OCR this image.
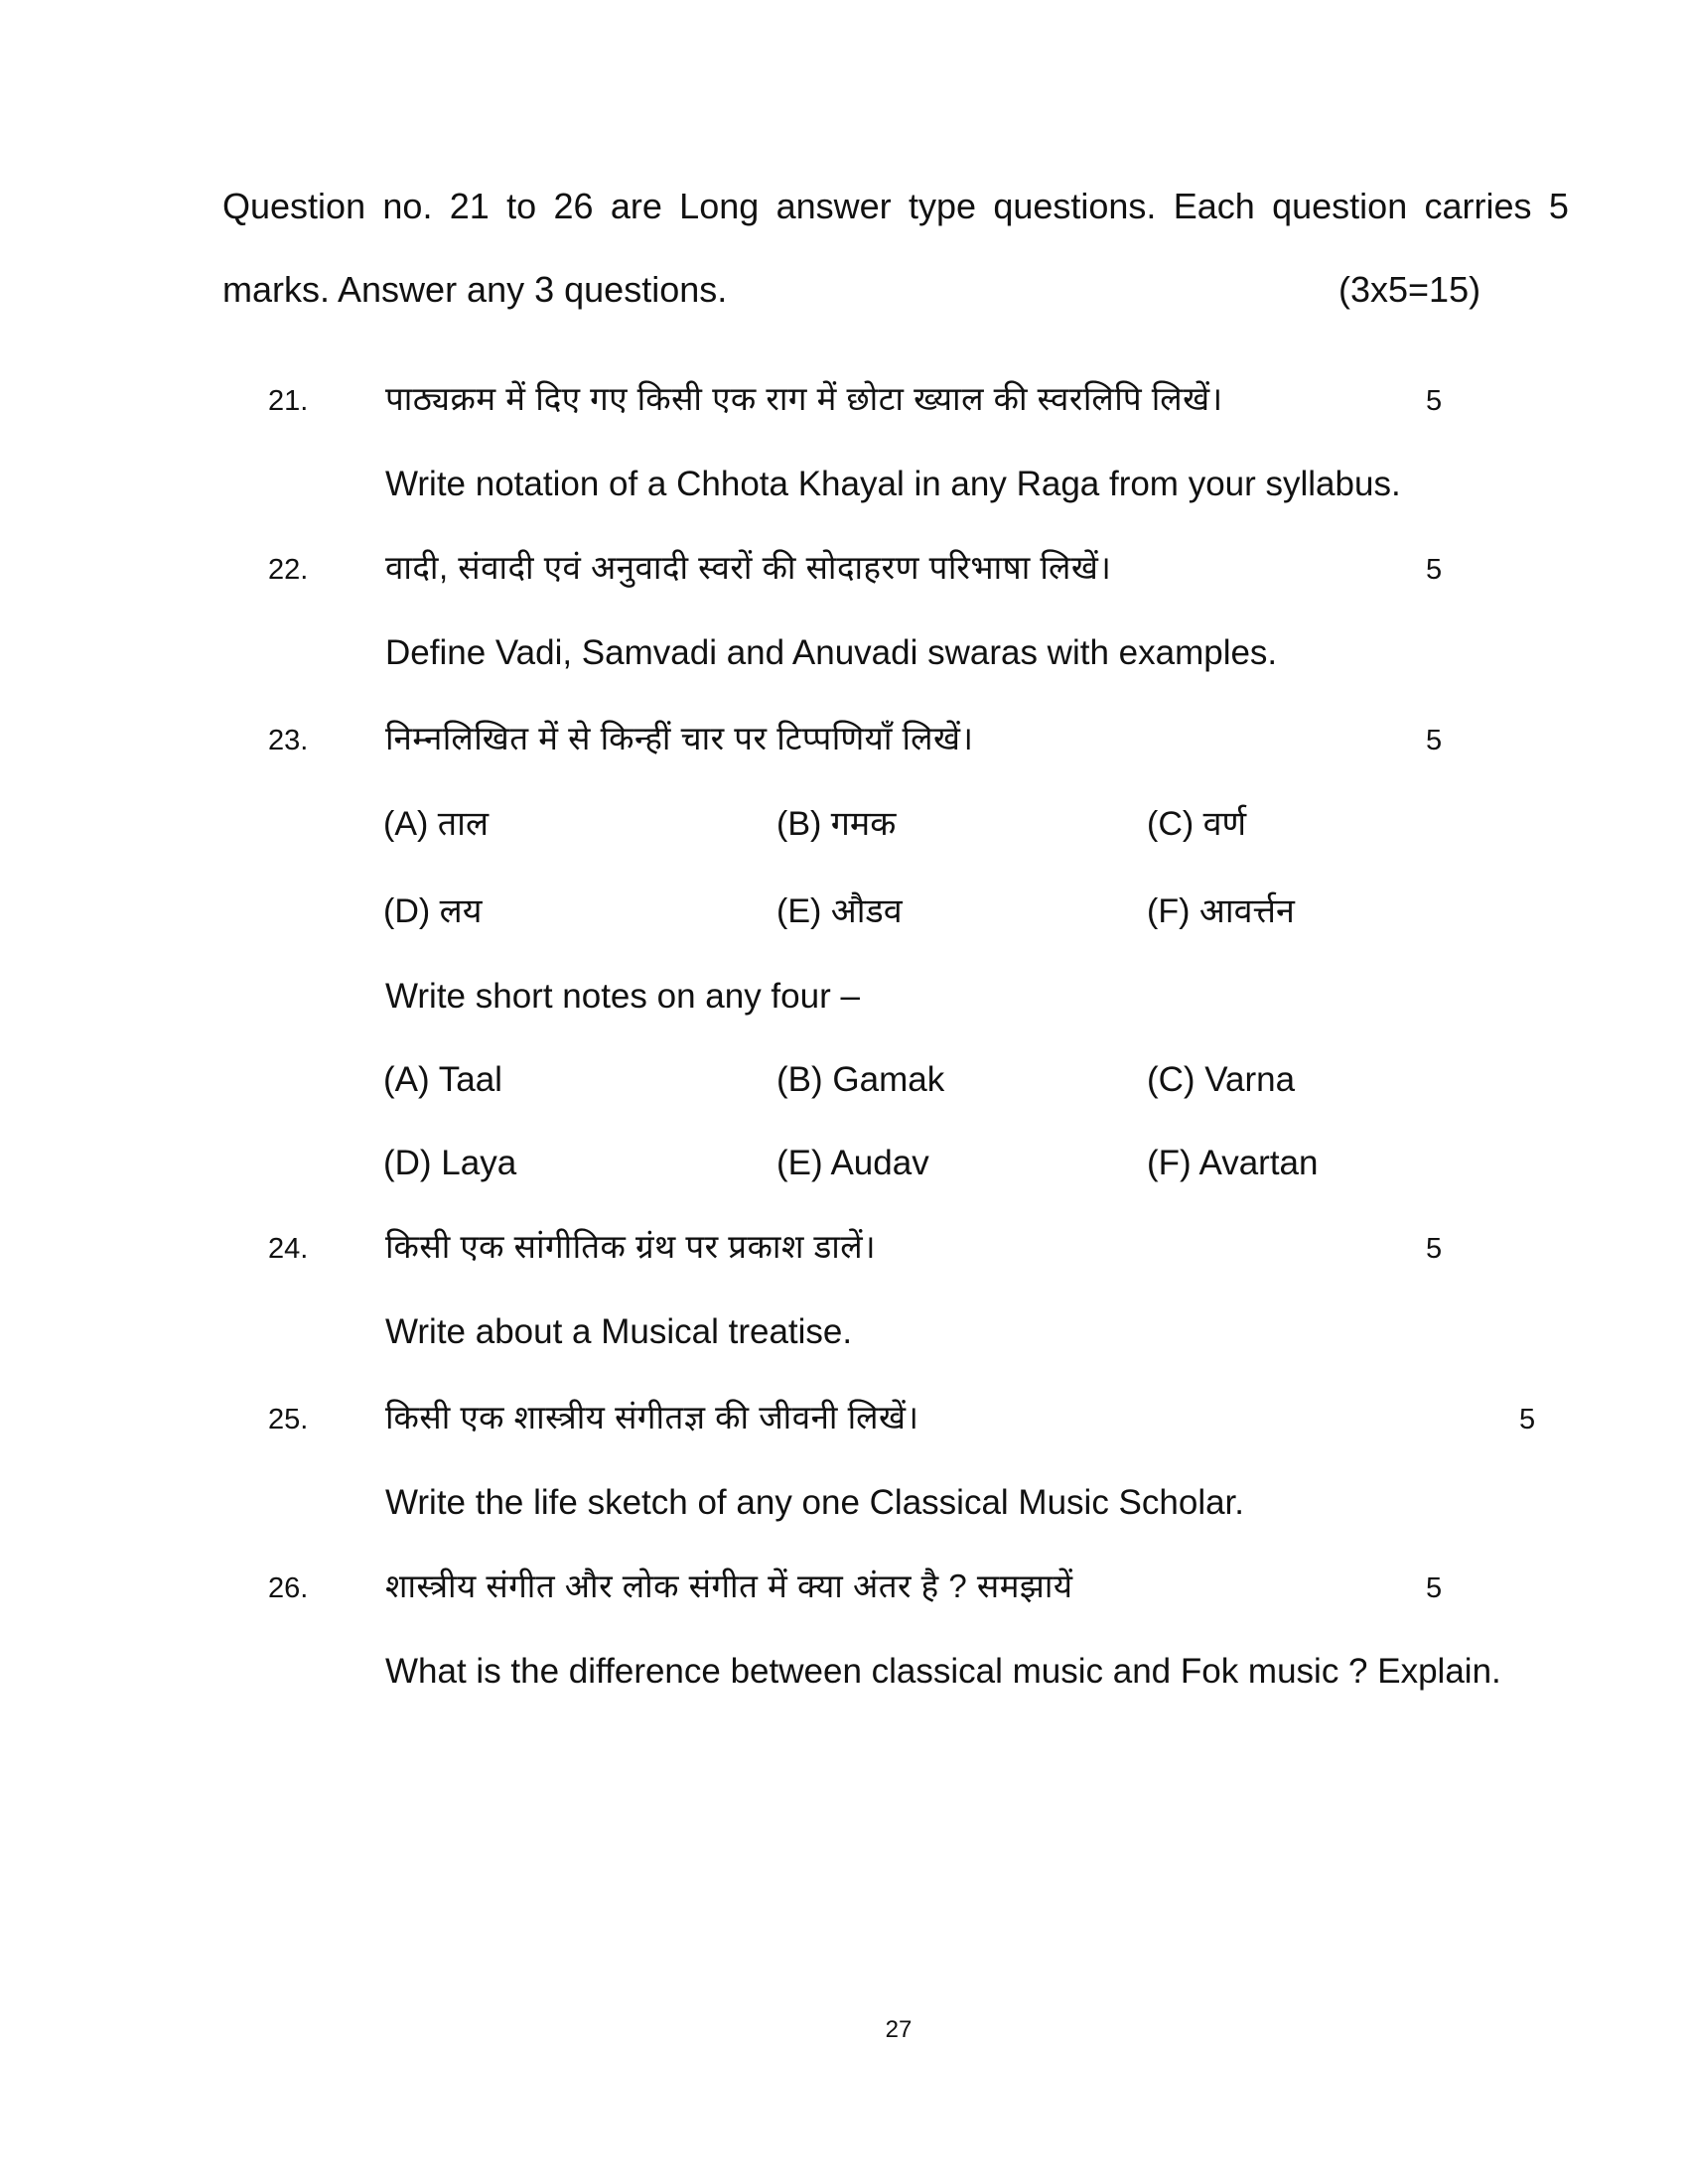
Question no. 21 to 26 are Long answer type questions. Each question carries 5
marks. Answer any 3 questions.	(3x5=15)
21. पाठ्यक्रम में दिए गए किसी एक राग में छोटा ख्याल की स्वरलिपि लिखें।	5
Write notation of a Chhota Khayal in any Raga from your syllabus.
22. वादी, संवादी एवं अनुवादी स्वरों की सोदाहरण परिभाषा लिखें।	5
Define Vadi, Samvadi and Anuvadi swaras with examples.
23. निम्नलिखित में से किन्हीं चार पर टिप्पणियाँ लिखें।	5
(A) ताल	(B) गमक	(C) वर्ण
(D) लय	(E) औडव	(F) आवर्त्तन
Write short notes on any four –
(A) Taal	(B) Gamak	(C) Varna
(D) Laya	(E) Audav	(F) Avartan
24. किसी एक सांगीतिक ग्रंथ पर प्रकाश डालें।	5
Write about a Musical treatise.
25. किसी एक शास्त्रीय संगीतज्ञ की जीवनी लिखें।	5
Write the life sketch of any one Classical Music Scholar.
26. शास्त्रीय संगीत और लोक संगीत में क्या अंतर है ? समझायें	5
What is the difference between classical music and Fok music ? Explain.
27
